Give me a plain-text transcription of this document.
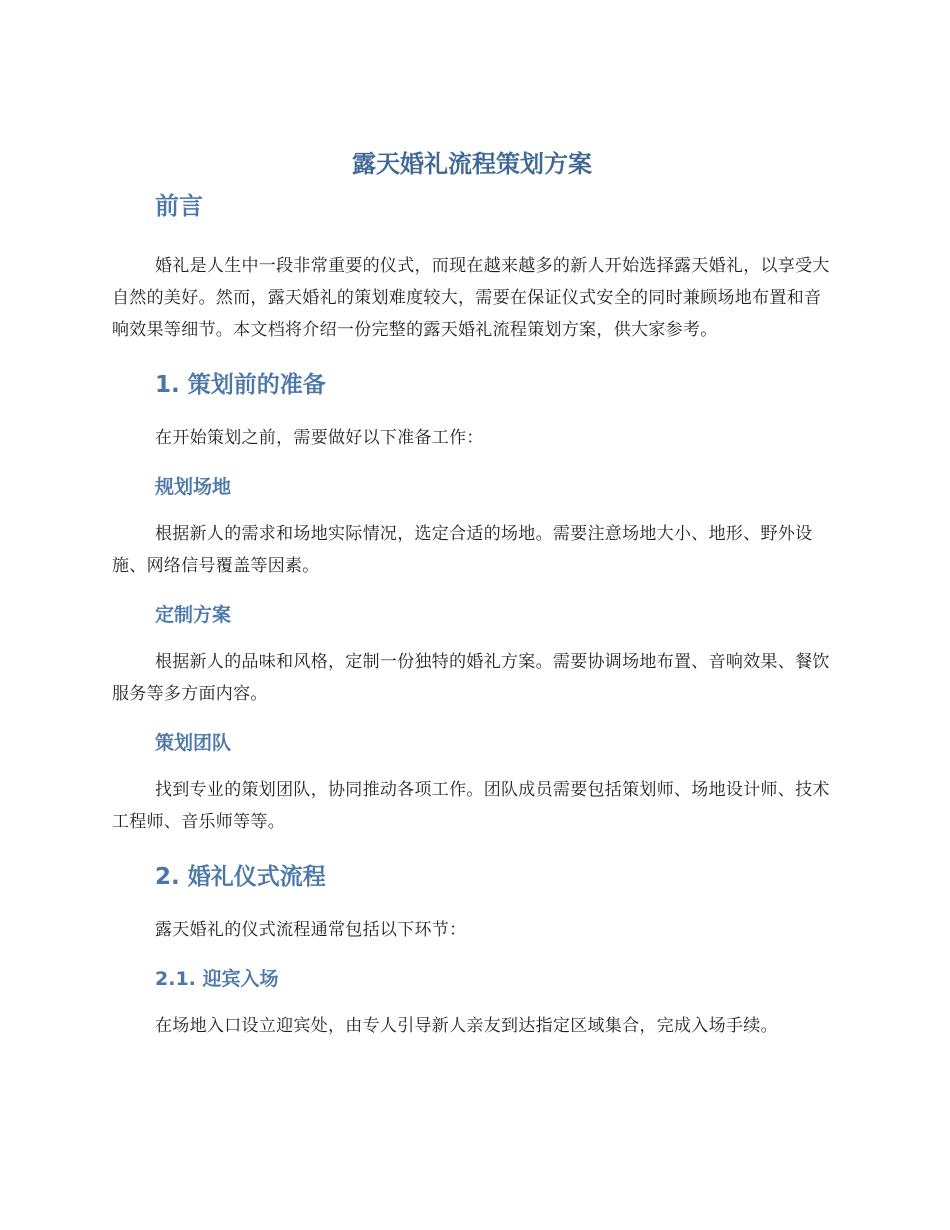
露天婚礼流程策划方案
前言

婚礼是人生中一段非常重要的仪式，而现在越来越多的新人开始选择露天婚礼，以享受大自然的美好。然而，露天婚礼的策划难度较大，需要在保证仪式安全的同时兼顾场地布置和音响效果等细节。本文档将介绍一份完整的露天婚礼流程策划方案，供大家参考。

1. 策划前的准备

在开始策划之前，需要做好以下准备工作：

规划场地

根据新人的需求和场地实际情况，选定合适的场地。需要注意场地大小、地形、野外设施、网络信号覆盖等因素。

定制方案

根据新人的品味和风格，定制一份独特的婚礼方案。需要协调场地布置、音响效果、餐饮服务等多方面内容。

策划团队

找到专业的策划团队，协同推动各项工作。团队成员需要包括策划师、场地设计师、技术工程师、音乐师等等。

2. 婚礼仪式流程

露天婚礼的仪式流程通常包括以下环节：

2.1. 迎宾入场

在场地入口设立迎宾处，由专人引导新人亲友到达指定区域集合，完成入场手续。
